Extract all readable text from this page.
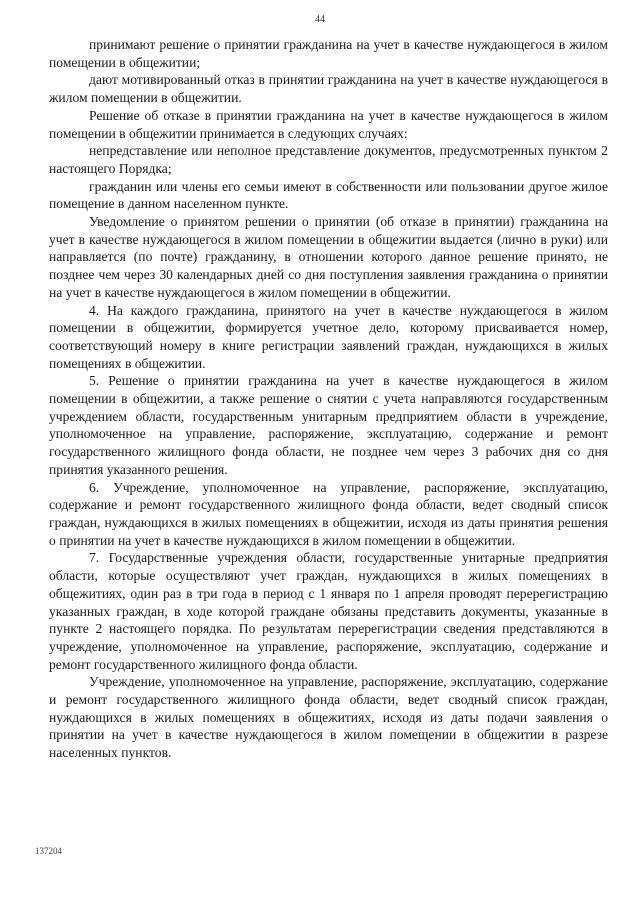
44

принимают решение о принятии гражданина на учет в качестве нуждающегося в жилом помещении в общежитии;

дают мотивированный отказ в принятии гражданина на учет в качестве нуждающегося в жилом помещении в общежитии.

Решение об отказе в принятии гражданина на учет в качестве нуждающегося в жилом помещении в общежитии принимается в следующих случаях:

непредставление или неполное представление документов, предусмотренных пунктом 2 настоящего Порядка;

гражданин или члены его семьи имеют в собственности или пользовании другое жилое помещение в данном населенном пункте.

Уведомление о принятом решении о принятии (об отказе в принятии) гражданина на учет в качестве нуждающегося в жилом помещении в общежитии выдается (лично в руки) или направляется (по почте) гражданину, в отношении которого данное решение принято, не позднее чем через 30 календарных дней со дня поступления заявления гражданина о принятии на учет в качестве нуждающегося в жилом помещении в общежитии.

4. На каждого гражданина, принятого на учет в качестве нуждающегося в жилом помещении в общежитии, формируется учетное дело, которому присваивается номер, соответствующий номеру в книге регистрации заявлений граждан, нуждающихся в жилых помещениях в общежитии.

5. Решение о принятии гражданина на учет в качестве нуждающегося в жилом помещении в общежитии, а также решение о снятии с учета направляются государственным учреждением области, государственным унитарным предприятием области в учреждение, уполномоченное на управление, распоряжение, эксплуатацию, содержание и ремонт государственного жилищного фонда области, не позднее чем через 3 рабочих дня со дня принятия указанного решения.

6. Учреждение, уполномоченное на управление, распоряжение, эксплуатацию, содержание и ремонт государственного жилищного фонда области, ведет сводный список граждан, нуждающихся в жилых помещениях в общежитии, исходя из даты принятия решения о принятии на учет в качестве нуждающихся в жилом помещении в общежитии.

7. Государственные учреждения области, государственные унитарные предприятия области, которые осуществляют учет граждан, нуждающихся в жилых помещениях в общежитиях, один раз в три года в период с 1 января по 1 апреля проводят перерегистрацию указанных граждан, в ходе которой граждане обязаны представить документы, указанные в пункте 2 настоящего порядка. По результатам перерегистрации сведения представляются в учреждение, уполномоченное на управление, распоряжение, эксплуатацию, содержание и ремонт государственного жилищного фонда области.

Учреждение, уполномоченное на управление, распоряжение, эксплуатацию, содержание и ремонт государственного жилищного фонда области, ведет сводный список граждан, нуждающихся в жилых помещениях в общежитиях, исходя из даты подачи заявления о принятии на учет в качестве нуждающегося в жилом помещении в общежитии в разрезе населенных пунктов.

137204
